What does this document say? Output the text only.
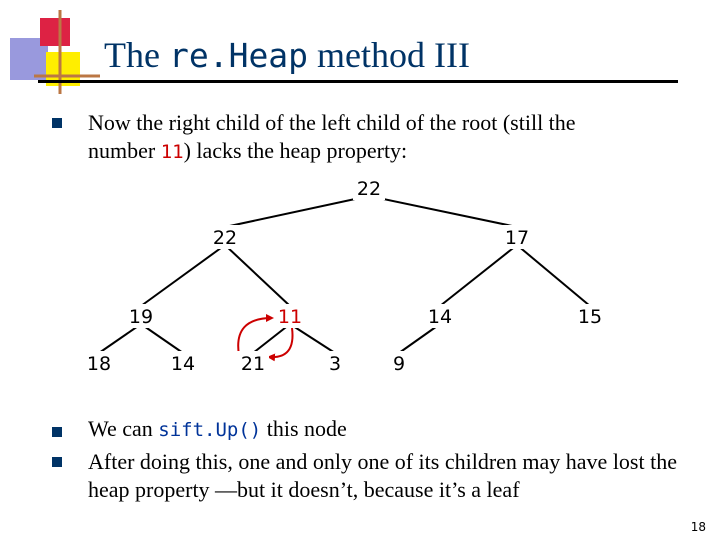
The re.Heap method III
Now the right child of the left child of the root (still the number 11) lacks the heap property:
22
22	17
19	11	14	15
18	14 21	3	9
We can sift.Up() this node
After doing this, one and only one of its children may have lost the heap property —but it doesn’t, because it’s a leaf
18
